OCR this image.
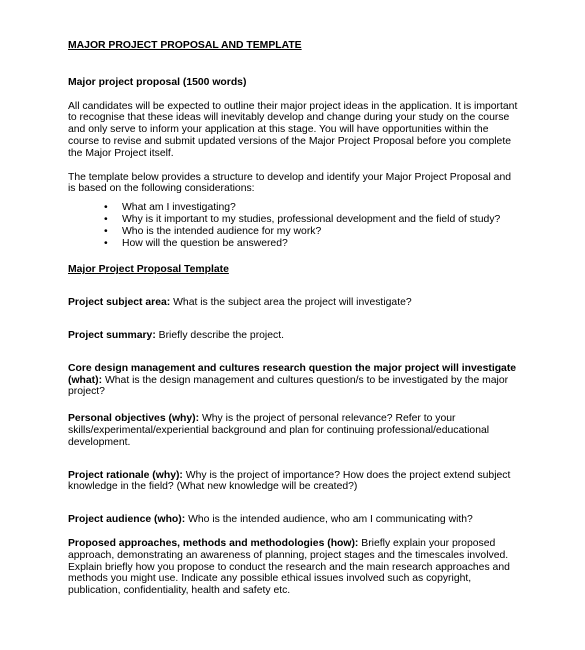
MAJOR PROJECT PROPOSAL AND TEMPLATE
Major project proposal (1500 words)

All candidates will be expected to outline their major project ideas in the application. It is important to recognise that these ideas will inevitably develop and change during your study on the course and only serve to inform your application at this stage. You will have opportunities within the course to revise and submit updated versions of the Major Project Proposal before you complete the Major Project itself.

The template below provides a structure to develop and identify your Major Project Proposal and is based on the following considerations:

• What am I investigating?
• Why is it important to my studies, professional development and the field of study?
• Who is the intended audience for my work?
• How will the question be answered?
Major Project Proposal Template

Project subject area: What is the subject area the project will investigate?

Project summary: Briefly describe the project.

Core design management and cultures research question the major project will investigate (what): What is the design management and cultures question/s to be investigated by the major project?

Personal objectives (why): Why is the project of personal relevance? Refer to your skills/experimental/experiential background and plan for continuing professional/educational development.

Project rationale (why): Why is the project of importance? How does the project extend subject knowledge in the field? (What new knowledge will be created?)

Project audience (who): Who is the intended audience, who am I communicating with?

Proposed approaches, methods and methodologies (how): Briefly explain your proposed approach, demonstrating an awareness of planning, project stages and the timescales involved. Explain briefly how you propose to conduct the research and the main research approaches and methods you might use. Indicate any possible ethical issues involved such as copyright, publication, confidentiality, health and safety etc.
